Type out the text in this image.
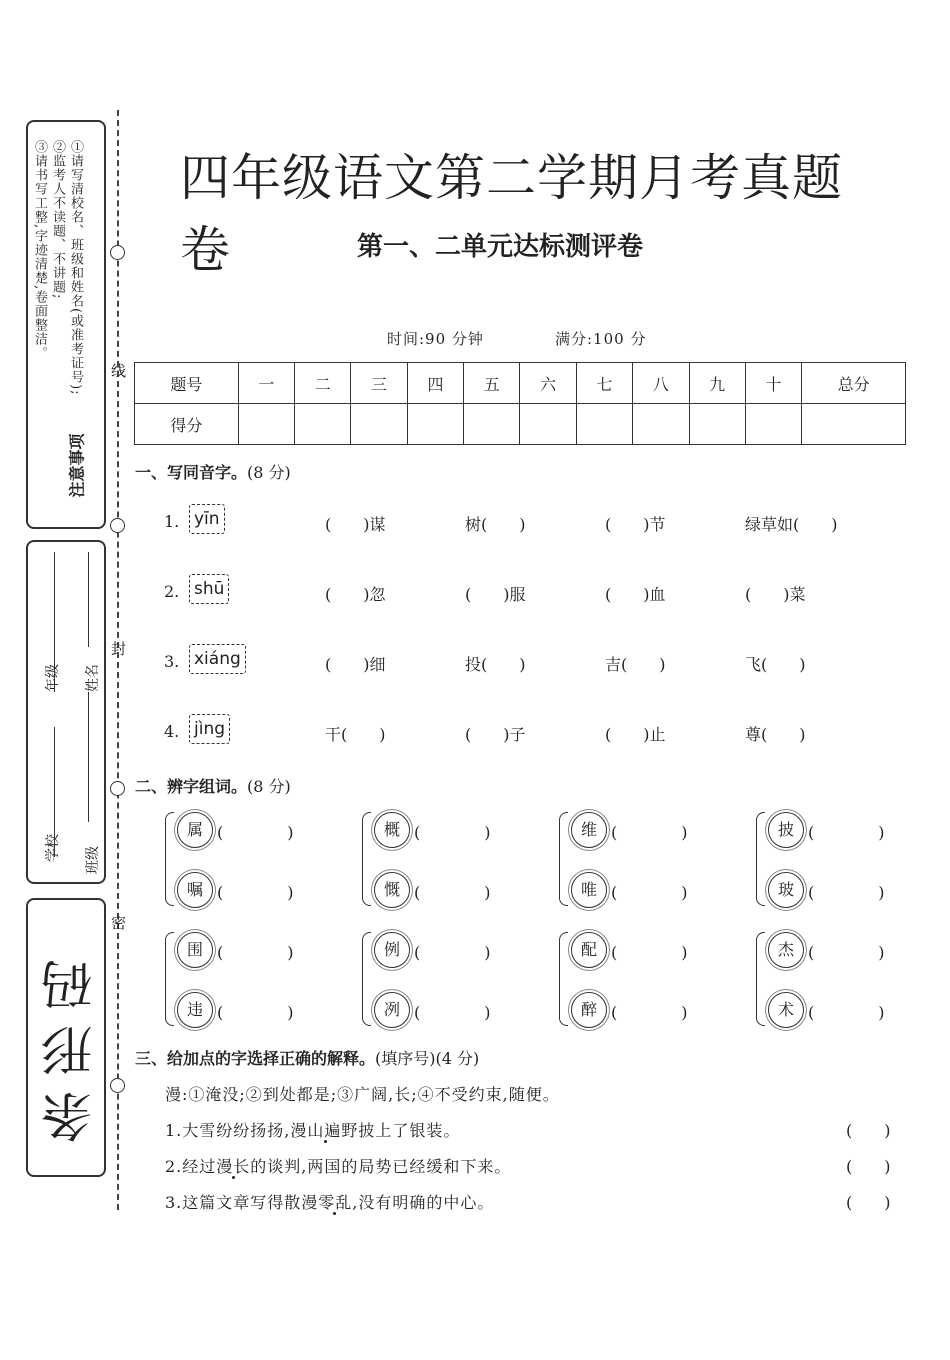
①请写清校名、班级和姓名(或准考证号);
②监考人不读题、不讲题;
③请书写工整,字迹清楚,卷面整洁。
注意事项
学校 班级
年级 姓名
条形码
线
封
密
四年级语文第二学期月考真题卷	第一、二单元达标测评卷
时间:90 分钟	满分:100 分
题号	一	二	三	四	五	六	七	八	九	十	总分
得分											
一、写同音字。(8 分)
1. yīn	(　　)谋	树(　　)	(　　)节	绿草如(　　)
2. shū	(　　)忽	(　　)服	(　　)血	(　　)菜
3. xiáng	(　　)细	投(　　)	吉(　　)	飞(　　)
4. jìng	干(　　)	(　　)子	(　　)止	尊(　　)
二、辨字组词。(8 分)
属 (　　　　)
嘱 (　　　　)
概 (　　　　)
慨 (　　　　)
维 (　　　　)
唯 (　　　　)
披 (　　　　)
玻 (　　　　)
围 (　　　　)
违 (　　　　)
例 (　　　　)
冽 (　　　　)
配 (　　　　)
醉 (　　　　)
杰 (　　　　)
术 (　　　　)
三、给加点的字选择正确的解释。(填序号)(4 分)
漫:①淹没;②到处都是;③广阔,长;④不受约束,随便。
1.大雪纷纷扬扬,漫山遍野披上了银装。
2.经过漫长的谈判,两国的局势已经缓和下来。
3.这篇文章写得散漫零乱,没有明确的中心。
(　　)
(　　)
(　　)
